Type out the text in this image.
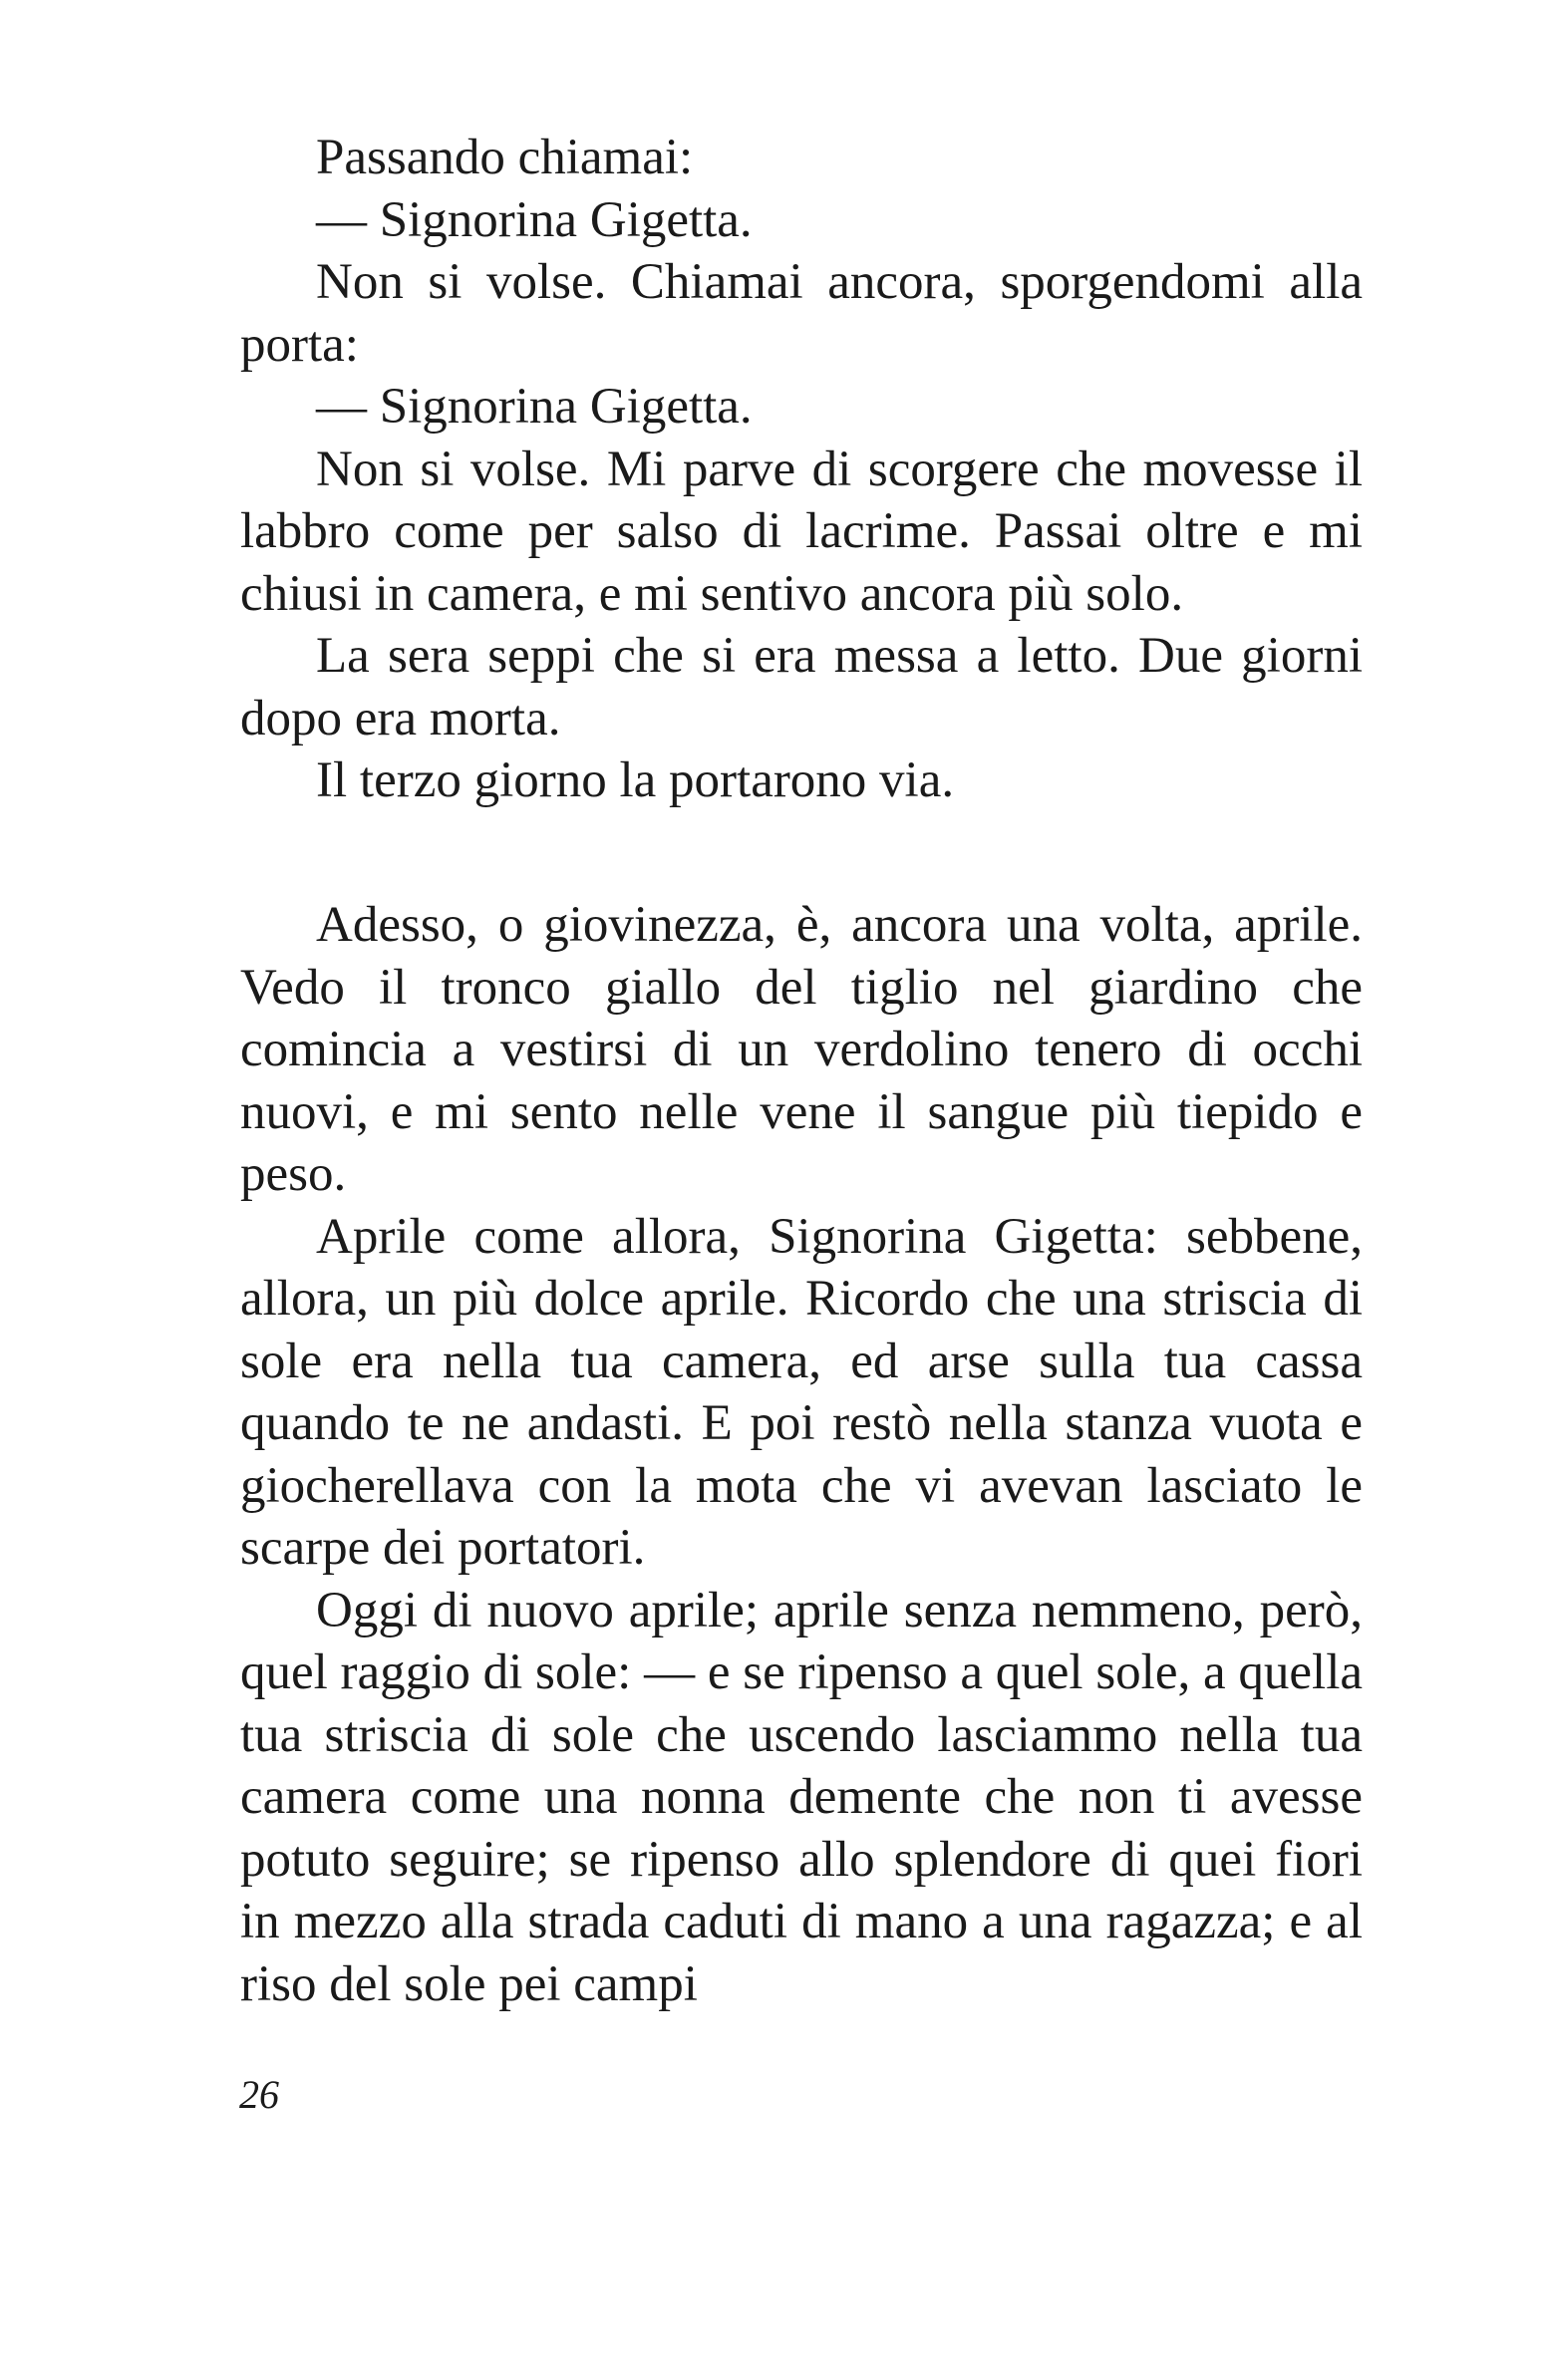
Passando chiamai:

— Signorina Gigetta.

Non si volse. Chiamai ancora, sporgendomi alla porta:

— Signorina Gigetta.

Non si volse. Mi parve di scorgere che movesse il labbro come per salso di lacrime. Passai oltre e mi chiusi in camera, e mi sentivo ancora più solo.

La sera seppi che si era messa a letto. Due giorni dopo era morta.

Il terzo giorno la portarono via.

Adesso, o giovinezza, è, ancora una volta, aprile. Vedo il tronco giallo del tiglio nel giardino che comincia a vestirsi di un verdolino tenero di occhi nuovi, e mi sento nelle vene il sangue più tiepido e peso.

Aprile come allora, Signorina Gigetta: sebbene, allora, un più dolce aprile. Ricordo che una striscia di sole era nella tua camera, ed arse sulla tua cassa quando te ne andasti. E poi restò nella stanza vuota e giocherellava con la mota che vi avevan lasciato le scarpe dei portatori.

Oggi di nuovo aprile; aprile senza nemmeno, però, quel raggio di sole: — e se ripenso a quel sole, a quella tua striscia di sole che uscendo lasciammo nella tua camera come una nonna demente che non ti avesse potuto seguire; se ripenso allo splendore di quei fiori in mezzo alla strada caduti di mano a una ragazza; e al riso del sole pei campi

26
